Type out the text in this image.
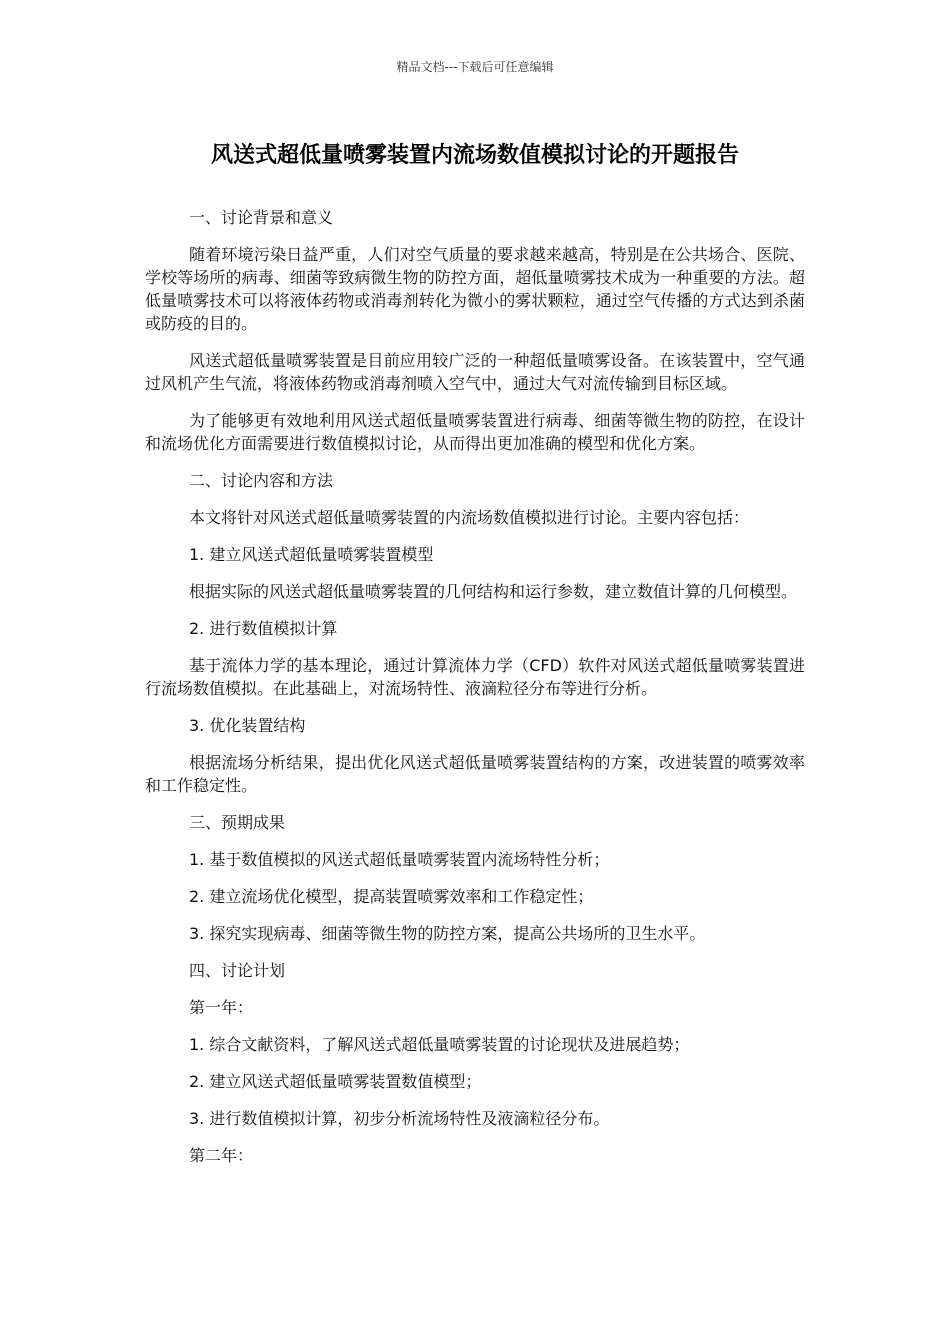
精品文档---下载后可任意编辑
风送式超低量喷雾装置内流场数值模拟讨论的开题报告

一、讨论背景和意义

随着环境污染日益严重，人们对空气质量的要求越来越高，特别是在公共场合、医院、学校等场所的病毒、细菌等致病微生物的防控方面，超低量喷雾技术成为一种重要的方法。超低量喷雾技术可以将液体药物或消毒剂转化为微小的雾状颗粒，通过空气传播的方式达到杀菌或防疫的目的。

风送式超低量喷雾装置是目前应用较广泛的一种超低量喷雾设备。在该装置中，空气通过风机产生气流，将液体药物或消毒剂喷入空气中，通过大气对流传输到目标区域。

为了能够更有效地利用风送式超低量喷雾装置进行病毒、细菌等微生物的防控，在设计和流场优化方面需要进行数值模拟讨论，从而得出更加准确的模型和优化方案。

二、讨论内容和方法

本文将针对风送式超低量喷雾装置的内流场数值模拟进行讨论。主要内容包括：

1. 建立风送式超低量喷雾装置模型

根据实际的风送式超低量喷雾装置的几何结构和运行参数，建立数值计算的几何模型。

2. 进行数值模拟计算

基于流体力学的基本理论，通过计算流体力学（CFD）软件对风送式超低量喷雾装置进行流场数值模拟。在此基础上，对流场特性、液滴粒径分布等进行分析。

3. 优化装置结构

根据流场分析结果，提出优化风送式超低量喷雾装置结构的方案，改进装置的喷雾效率和工作稳定性。

三、预期成果

1. 基于数值模拟的风送式超低量喷雾装置内流场特性分析；

2. 建立流场优化模型，提高装置喷雾效率和工作稳定性；

3. 探究实现病毒、细菌等微生物的防控方案，提高公共场所的卫生水平。

四、讨论计划

第一年：

1. 综合文献资料，了解风送式超低量喷雾装置的讨论现状及进展趋势；

2. 建立风送式超低量喷雾装置数值模型；

3. 进行数值模拟计算，初步分析流场特性及液滴粒径分布。

第二年：
